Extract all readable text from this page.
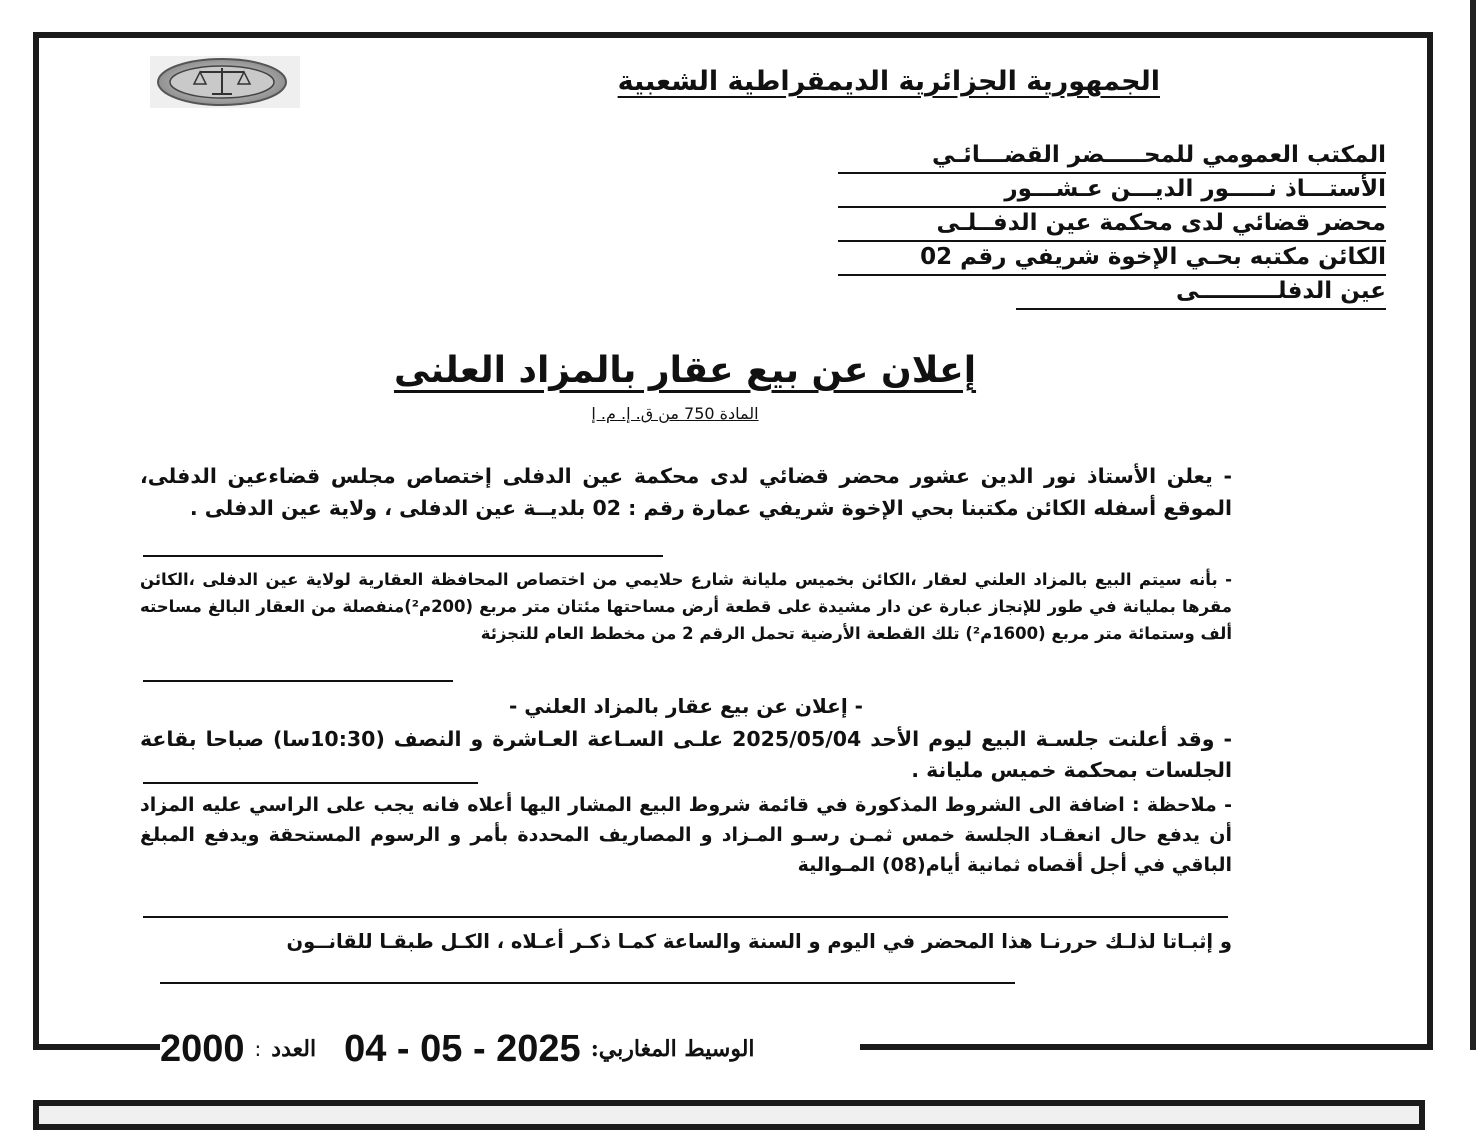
الجمهورية الجزائرية الديمقراطية الشعبية
المكتب العمومي للمحـــــضر القضـــائـي
الأستـــاذ نـــــور الديـــن عـشـــور
محضر قضائي لدى محكمة عين الدفــلـى
الكائن مكتبه بحـي الإخوة شريفي رقم 02
عين الدفلــــــــــى
إعلان عن بيع عقار بالمزاد العلنى
المادة 750 من ق. إ. م. إ
- يعلن الأستاذ نور الدين عشور محضر قضائي لدى محكمة عين الدفلى إختصاص مجلس قضاءعين الدفلى، الموقع أسفله الكائن مكتبنا بحي الإخوة شريفي عمارة رقم : 02 بلديــة عين الدفلى ، ولاية عين الدفلى .
- بأنه سيتم البيع بالمزاد العلني لعقار ،الكائن بخميس مليانة شارع حلايمي من اختصاص المحافظة العقارية لولاية عين الدفلى ،الكائن مقرها بمليانة في طور للإنجاز عبارة عن دار مشيدة على قطعة أرض مساحتها مئتان متر مربع (200م²)منفصلة من العقار البالغ مساحته ألف وستمائة متر مربع (1600م²) تلك القطعة الأرضية تحمل الرقم 2 من مخطط العام للتجزئة
- إعلان عن بيع عقار بالمزاد العلني -
- وقد أعلنت جلسـة البيع ليوم الأحد 2025/05/04 علـى السـاعة العـاشرة و النصف (10:30سا) صباحا بقاعة الجلسات بمحكمة خميس مليانة .
- ملاحظة : اضافة الى الشروط المذكورة في قائمة شروط البيع المشار اليها أعلاه فانه يجب على الراسي عليه المزاد أن يدفع حال انعقـاد الجلسة خمس ثمـن رسـو المـزاد و المصاريف المحددة بأمر و الرسوم المستحقة ويدفع المبلغ الباقي في أجل أقصاه ثمانية أيام(08) المـوالية
و إثبـاتا لذلـك حررنـا هذا المحضر في اليوم و السنة والساعة كمـا ذكـر أعـلاه ، الكـل طبقـا للقانــون
2000 : العدد 04 - 05 - 2025 الوسيط المغاربي:
